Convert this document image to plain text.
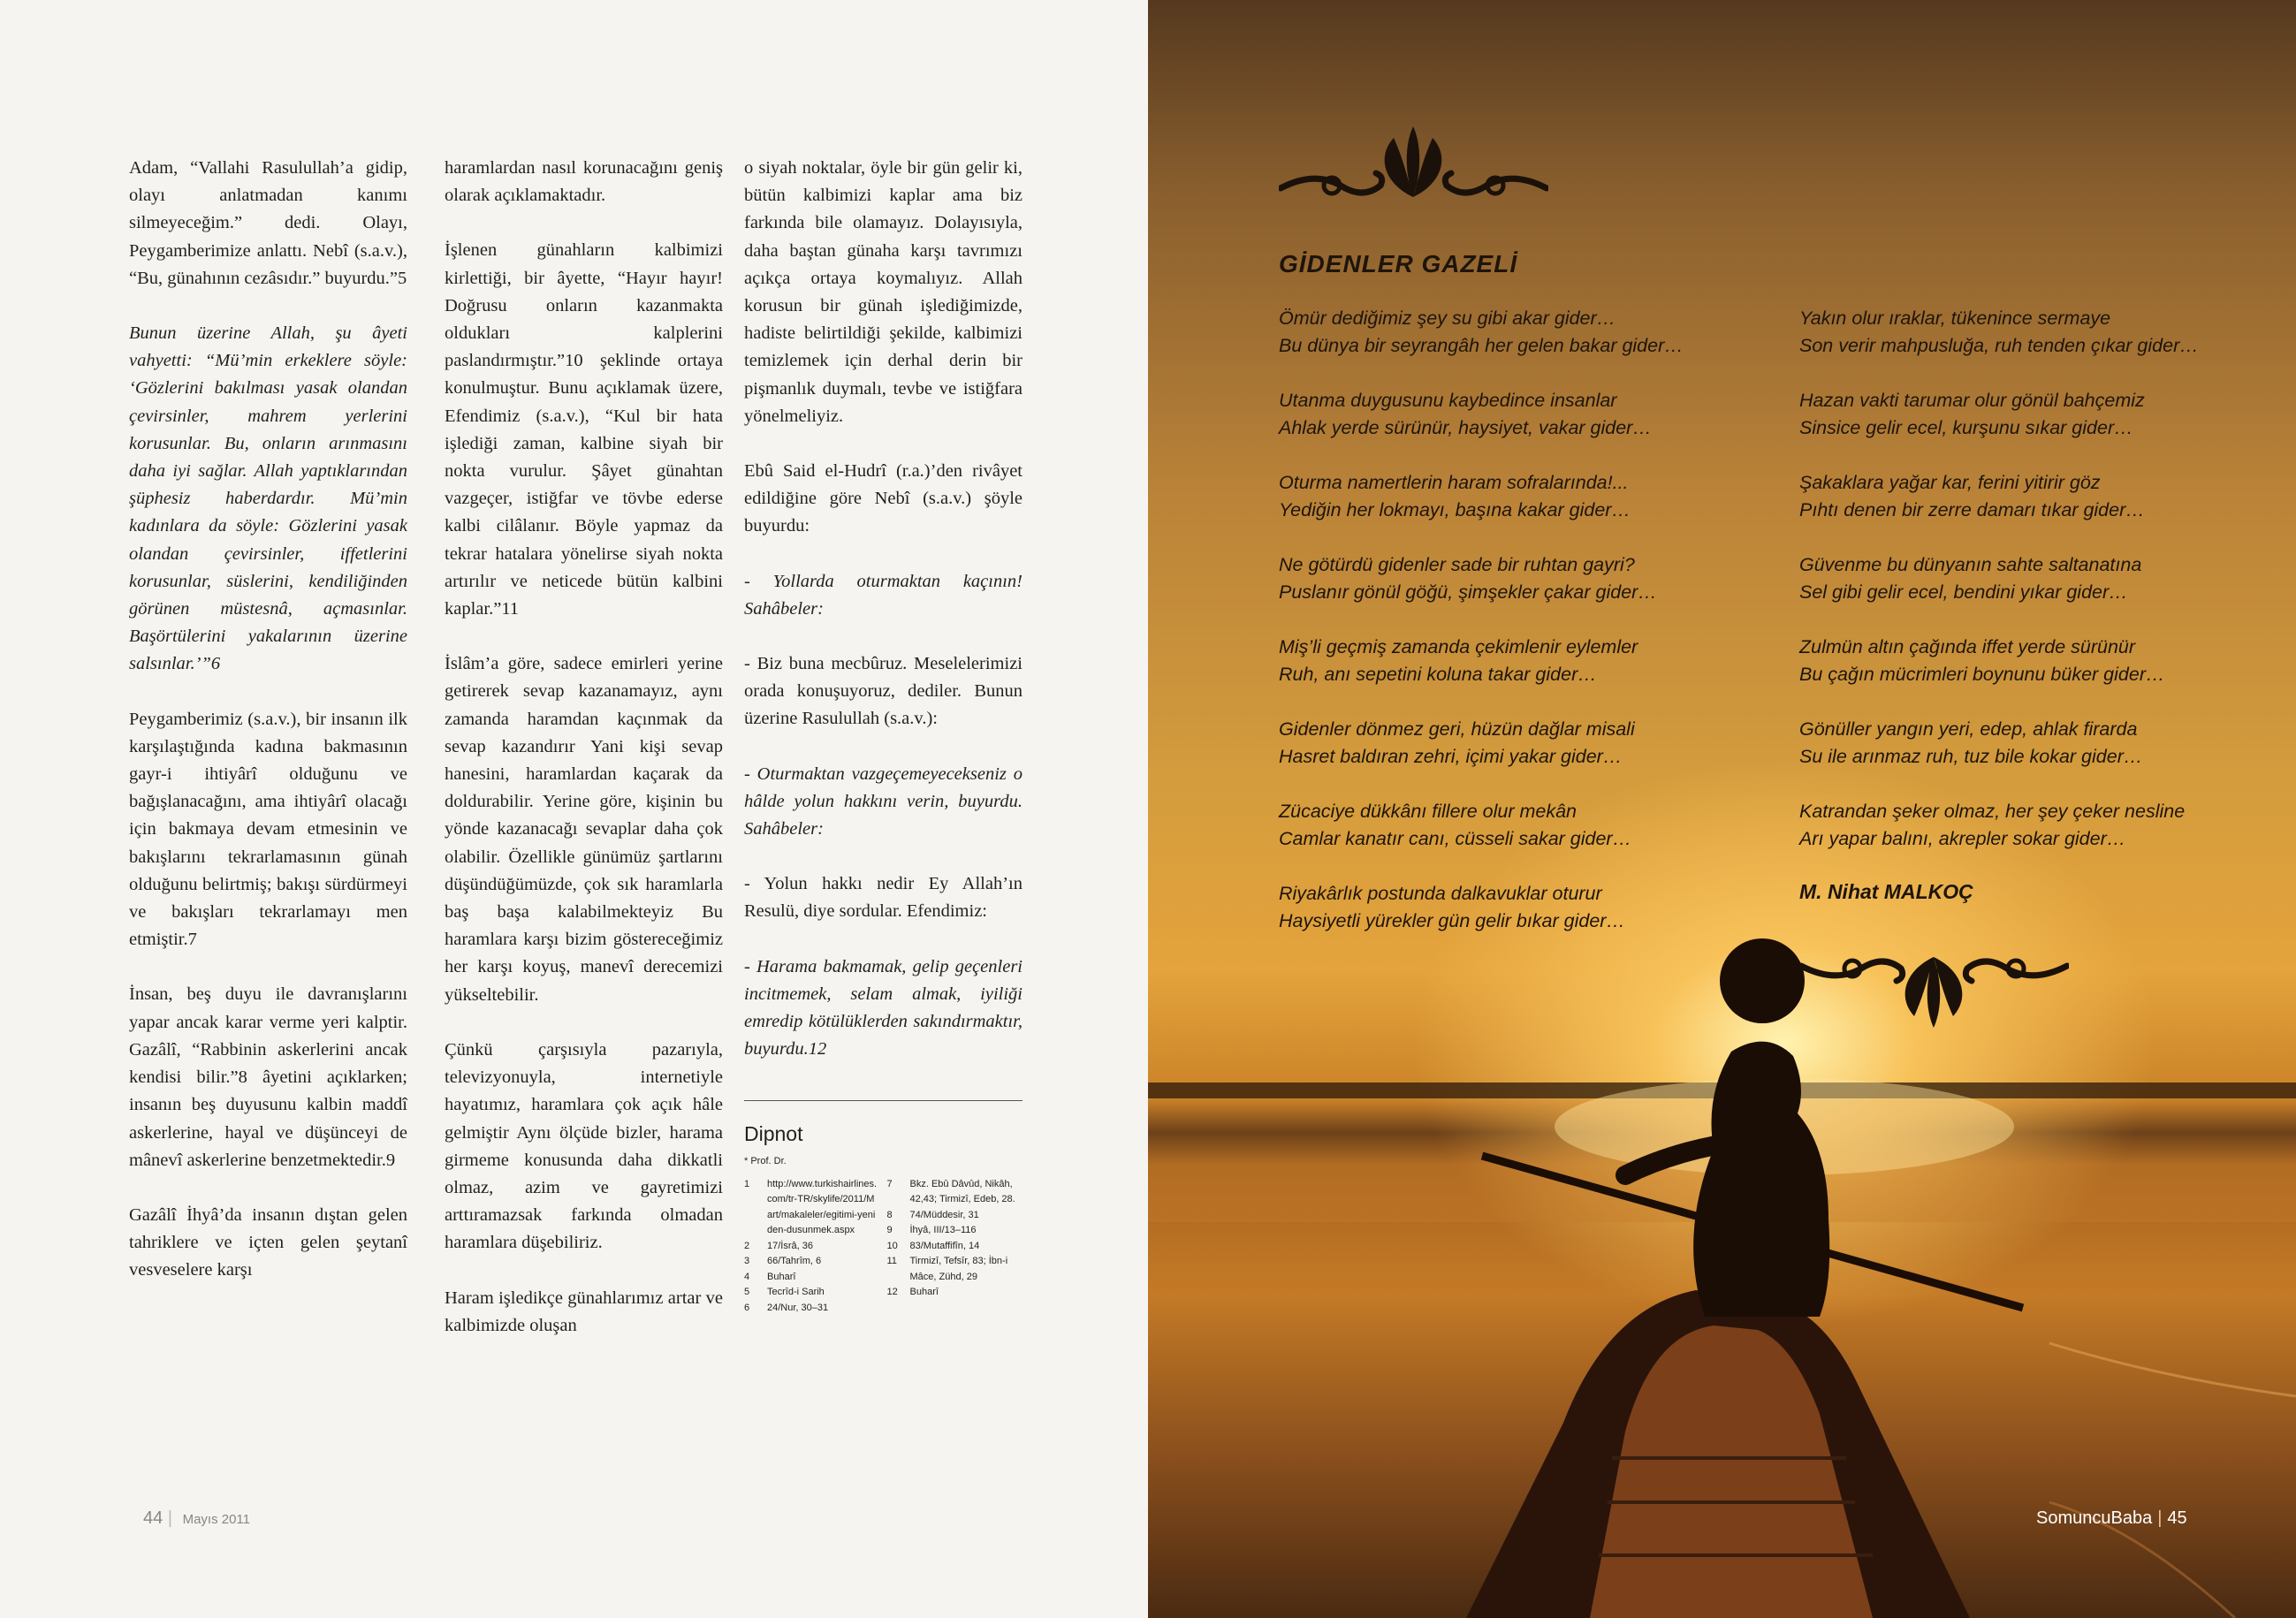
Adam, “Vallahi Rasulullah’a gidip, olayı anlatmadan kanımı silmeyeceğim.” dedi. Olayı, Peygamberimize anlattı. Nebî (s.a.v.), “Bu, günahının cezâsıdır.” buyurdu.”5

Bunun üzerine Allah, şu âyeti vahyetti: “Mü’min erkeklere söyle: ‘Gözlerini bakılması yasak olandan çevirsinler, mahrem yerlerini korusunlar. Bu, onların arınmasını daha iyi sağlar. Allah yaptıklarından şüphesiz haberdardır. Mü’min kadınlara da söyle: Gözlerini yasak olandan çevirsinler, iffetlerini korusunlar, süslerini, kendiliğinden görünen müstesnâ, açmasınlar. Başörtülerini yakalarının üzerine salsınlar.’”6

Peygamberimiz (s.a.v.), bir insanın ilk karşılaştığında kadına bakmasının gayr-i ihtiyârî olduğunu ve bağışlanacağını, ama ihtiyârî olacağı için bakmaya devam etmesinin ve bakışlarını tekrarlamasının günah olduğunu belirtmiş; bakışı sürdürmeyi ve bakışları tekrarlamayı men etmiştir.7

İnsan, beş duyu ile davranışlarını yapar ancak karar verme yeri kalptir. Gazâlî, “Rabbinin askerlerini ancak kendisi bilir.”8 âyetini açıklarken; insanın beş duyusunu kalbin maddî askerlerine, hayal ve düşünceyi de mânevî askerlerine benzetmektedir.9

Gazâlî İhyâ’da insanın dıştan gelen tahriklere ve içten gelen şeytanî vesveselere karşı

haramlardan nasıl korunacağını geniş olarak açıklamaktadır.

İşlenen günahların kalbimizi kirlettiği, bir âyette, “Hayır hayır! Doğrusu onların kazanmakta oldukları kalplerini paslandırmıştır.”10 şeklinde ortaya konulmuştur. Bunu açıklamak üzere, Efendimiz (s.a.v.), “Kul bir hata işlediği zaman, kalbine siyah bir nokta vurulur. Şâyet günahtan vazgeçer, istiğfar ve tövbe ederse kalbi cilâlanır. Böyle yapmaz da tekrar hatalara yönelirse siyah nokta artırılır ve neticede bütün kalbini kaplar.”11

İslâm’a göre, sadece emirleri yerine getirerek sevap kazanamayız, aynı zamanda haramdan kaçınmak da sevap kazandırır Yani kişi sevap hanesini, haramlardan kaçarak da doldurabilir. Yerine göre, kişinin bu yönde kazanacağı sevaplar daha çok olabilir. Özellikle günümüz şartlarını düşündüğümüzde, çok sık haramlarla baş başa kalabilmekteyiz Bu haramlara karşı bizim göstereceğimiz her karşı koyuş, manevî derecemizi yükseltebilir.

Çünkü çarşısıyla pazarıyla, televizyonuyla, internetiyle hayatımız, haramlara çok açık hâle gelmiştir Aynı ölçüde bizler, harama girmeme konusunda daha dikkatli olmaz, azim ve gayretimizi arttıramazsak farkında olmadan haramlara düşebiliriz.

Haram işledikçe günahlarımız artar ve kalbimizde oluşan

o siyah noktalar, öyle bir gün gelir ki, bütün kalbimizi kaplar ama biz farkında bile olamayız. Dolayısıyla, daha baştan günaha karşı tavrımızı açıkça ortaya koymalıyız. Allah korusun bir günah işlediğimizde, hadiste belirtildiği şekilde, kalbimizi temizlemek için derhal derin bir pişmanlık duymalı, tevbe ve istiğfara yönelmeliyiz.

Ebû Said el-Hudrî (r.a.)’den rivâyet edildiğine göre Nebî (s.a.v.) şöyle buyurdu:

- Yollarda oturmaktan kaçının! Sahâbeler:

- Biz buna mecbûruz. Meselelerimizi orada konuşuyoruz, dediler. Bunun üzerine Rasulullah (s.a.v.):

- Oturmaktan vazgeçemeyecekseniz o hâlde yolun hakkını verin, buyurdu. Sahâbeler:

- Yolun hakkı nedir Ey Allah’ın Resulü, diye sordular. Efendimiz:

- Harama bakmamak, gelip geçenleri incitmemek, selam almak, iyiliği emredip kötülüklerden sakındırmaktır, buyurdu.12

Dipnot
* Prof. Dr.
1	http://www.turkishairlines.com/tr-TR/skylife/2011/Mart/makaleler/egitimi-yeniden-dusunmek.aspx
2	17/İsrâ, 36
3	66/Tahrîm, 6
4	Buharî
5	Tecrîd-i Sarih
6	24/Nur, 30–31
7	Bkz. Ebû Dâvûd, Nikâh, 42,43; Tirmizî, Edeb, 28.
8	74/Müddesir, 31
9	İhyâ, III/13–116
10	83/Mutaffifîn, 14
11	Tirmizî, Tefsîr, 83; İbn-i Mâce, Zühd, 29
12	Buharî
44 | Mayıs 2011
GİDENLER GAZELİ
Ömür dediğimiz şey su gibi akar gider…
Bu dünya bir seyrangâh her gelen bakar gider…
Utanma duygusunu kaybedince insanlar
Ahlak yerde sürünür, haysiyet, vakar gider…
Oturma namertlerin haram sofralarında!...
Yediğin her lokmayı, başına kakar gider…
Ne götürdü gidenler sade bir ruhtan gayri?
Puslanır gönül göğü, şimşekler çakar gider…
Miş’li geçmiş zamanda çekimlenir eylemler
Ruh, anı sepetini koluna takar gider…
Gidenler dönmez geri, hüzün dağlar misali
Hasret baldıran zehri, içimi yakar gider…
Zücaciye dükkânı fillere olur mekân
Camlar kanatır canı, cüsseli sakar gider…
Riyakârlık postunda dalkavuklar oturur
Haysiyetli yürekler gün gelir bıkar gider…
Yakın olur ıraklar, tükenince sermaye
Son verir mahpusluğa, ruh tenden çıkar gider…
Hazan vakti tarumar olur gönül bahçemiz
Sinsice gelir ecel, kurşunu sıkar gider…
Şakaklara yağar kar, ferini yitirir göz
Pıhtı denen bir zerre damarı tıkar gider…
Güvenme bu dünyanın sahte saltanatına
Sel gibi gelir ecel, bendini yıkar gider…
Zulmün altın çağında iffet yerde sürünür
Bu çağın mücrimleri boynunu büker gider…
Gönüller yangın yeri, edep, ahlak firarda
Su ile arınmaz ruh, tuz bile kokar gider…
Katrandan şeker olmaz, her şey çeker nesline
Arı yapar balını, akrepler sokar gider…
M. Nihat MALKOÇ
SomuncuBaba | 45
